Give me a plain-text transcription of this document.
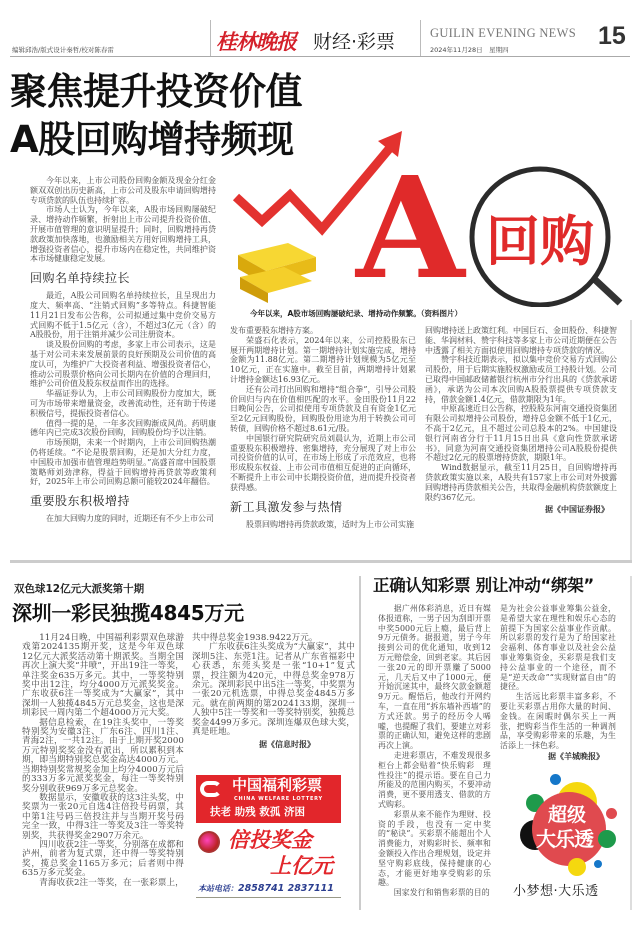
编辑邱浩/版式设计秦哲/校对陈春雷	桂林晚报 财经·彩票	GUILIN EVENING NEWS
2024年11月28日　星期四	15
聚焦提升投资价值
A股回购增持频现
A 回购
今年以来，A股市场回购屡破纪录、增持动作频繁。（资料图片）

今年以来，上市公司股份回购金额及现金分红金额双双创出历史新高，上市公司及股东申请回购增持专项贷款的队伍也持续扩容。

市场人士认为，今年以来，A股市场回购屡破纪录、增持动作频繁，折射出上市公司提升投资价值、开展市值管理的意识明显提升；同时，回购增持再贷款政策加快落地，也激励相关方用好回购增持工具，增强投资者信心，提升市场内在稳定性，共同维护资本市场健康稳定发展。

回购名单持续拉长

最近，A股公司回购名单持续拉长，且呈现出力度大、频率高、“注销式回购”多等特点。科捷智能11月21日发布公告称，公司拟通过集中竞价交易方式回购不低于1.5亿元（含），不超过3亿元（含）的A股股份，用于注销并减少公司注册资本。

谈及股份回购的考虑，多家上市公司表示，这是基于对公司未来发展前景的良好预期及公司价值的高度认可，为维护广大投资者利益、增强投资者信心，推动公司股票价格向公司长期内在价值的合理回归，维护公司价值及股东权益而作出的选择。

华福证券认为，上市公司回购股份力度加大，既可为市场带来增量资金，改善流动性，还有助于传递积极信号，提振投资者信心。

值得一提的是，一年多次回购渐成风尚。药明康德年内已完成3次股份回购，回购股份均予以注销。

市场预期，未来一个时期内，上市公司回购热潮仍将延续。“不论是股票回购，还是加大分红力度，中国股市加强市值管理趋势明显。”高盛首席中国股票策略师刘劲津称，得益于回购增持再贷款等政策利好，2025年上市公司回购总额可能较2024年翻倍。

重要股东积极增持

在加大回购力度的同时，近期还有不少上市公司

发布重要股东增持方案。

荣盛石化表示，2024年以来，公司控股股东已展开两期增持计划。第一期增持计划实施完成，增持金额为11.88亿元。第二期增持计划规模为5亿元至10亿元，正在实施中。截至目前，两期增持计划累计增持金额达16.93亿元。

还有公司打出回购和增持“组合拳”，引导公司股价回归与内在价值相匹配的水平。金田股份11月22日晚间公告，公司拟使用专项贷款及自有资金1亿元至2亿元回购股份，回购股份用途为用于转换公司可转债，回购价格不超过8.61元/股。

中国银行研究院研究员刘晨认为，近期上市公司重要股东积极增持、密集增持，充分展现了对上市公司投资价值的认可，在市场上形成了示范效应，也将形成股东权益、上市公司市值相互促进的正向循环，不断提升上市公司中长期投资价值，进而提升投资者获得感。

新工具激发参与热情

股票回购增持再贷款政策，适时为上市公司实施

回购增持送上政策红利。中国巨石、金田股份、科捷智能、华润材料、赞宇科技等多家上市公司近期便在公告中透露了相关方面拟使用回购增持专项贷款的情况。

赞宇科技近期表示，拟以集中竞价交易方式回购公司股份，用于后期实施股权激励或员工持股计划。公司已取得中国邮政储蓄银行杭州市分行出具的《贷款承诺函》，承诺为公司本次回购A股股票提供专项贷款支持，借款金额1.4亿元，借款期限为1年。

中原高速近日公告称，控股股东河南交通投资集团有限公司拟增持公司股份，增持总金额不低于1亿元，不高于2亿元，且不超过公司总股本的2%。中国建设银行河南省分行于11月15日出具《意向性贷款承诺书》，同意为河南交通投资集团增持公司A股股份提供不超过2亿元的股票增持贷款，期限1年。

Wind数据显示，截至11月25日，自回购增持再贷款政策实施以来，A股共有157家上市公司对外披露回购增持再贷款相关公告，共取得金融机构贷款额度上限约367亿元。

据《中国证券报》
双色球12亿元大派奖第十期
深圳一彩民独揽4845万元

11月24日晚，中国福利彩票双色球游戏第2024135期开奖，这是今年双色球12亿元大派奖活动第十期派奖。当期全国再次上演大奖“井喷”，开出19注一等奖，单注奖金635万多元。其中，一等奖特别奖中出12注，均分4000万元派奖奖金。广东收获6注一等奖成为“大赢家”，其中深圳一人独揽4845万元总奖金，这也是深圳彩民一周内第二个超4000万元大奖。

据信息检索，在19注头奖中，一等奖特别奖为安徽3注、广东6注、四川1注、青海2注，一共12注。由于上期开奖2000万元特别奖奖金没有派出，所以累积到本期，即当期特别奖总奖金高达4000万元。当期特别奖常规奖金加上均分4000万元后的333万多元派奖奖金，每注一等奖特别奖分别收获969万多元总奖金。

数据显示，安徽收获的这3注头奖，中奖票为一张20元自选4注倍投号码票，其中第1注号码三倍投注并与当期开奖号码完全一致，中得3注一等奖及3注一等奖特别奖，共获得奖金2907万余元。

四川收获2注一等奖，分别落在成都和泸州，前者为复式票，还中得一等奖特别奖，揽总奖金1165万多元；后者则中得635万多元奖金。

青海收获2注一等奖，在一张彩票上，

共中得总奖金1938.9422万元。

广东收获6注头奖成为“大赢家”，其中深圳5注、东莞1注。记者从广东省福彩中心获悉，东莞头奖是一张“10+1”复式票，投注额为420元，中得总奖金978万余元。深圳彩民中出5注一等奖，中奖票为一张20元机选票，中得总奖金4845万多元。就在前两期的第2024133期，深圳一人独中5注一等奖和一等奖特别奖，独揽总奖金4499万多元。深圳连爆双色球大奖，真是旺地。

据《信息时报》
中国福利彩票
CHINA WELFARE LOTTERY
扶老 助残 救孤 济困
倍投奖金
上亿元
本站电话：2858741 2837111
正确认知彩票 别让冲动“绑架”

据广州体彩消息，近日有媒体报道称，一男子因为刮即开票中奖5000元后上瘾，最后背上9万元债务。据报道，男子今年接到公司的优化通知，收到12万元赔偿金，回到老家。其后因一张20元的即开票赚了5000元，几天后又中了1000元，便开始沉迷其中，最终欠款金额超9万元。醒悟后，他改行开网约车，一直在用“拆东墙补西墙”的方式还款。男子的经历令人唏嘘，也提醒了我们，要建立对彩票的正确认知，避免这样的悲剧再次上演。

走进彩票店，不难发现很多柜台上都会贴着“快乐购彩　理性投注”的提示语。要在自己力所能及的范围内购买，不要冲动消费，更不要用透支、借款的方式购彩。

彩票从来不能作为理财、投资的手段，也没有一定中奖的“秘诀”。买彩票不能超出个人消费能力，对购彩时长、频率和金额投入作出合理规划，设定并坚守购彩底线，保持健康的心态，才能更好地享受购彩的乐趣。

国家发行和销售彩票的目的

是为社会公益事业筹集公益金，是希望大家在理性和娱乐心态的前提下为国家公益事业作贡献。所以彩票的发行是为了给国家社会福利、体育事业以及社会公益事业筹集资金，买彩票是我们支持公益事业的一个途径，而不是“逆天改命”“实现财富自由”的捷径。

生活远比彩票丰富多彩，不要让买彩票占用你大量的时间、金钱。在闲暇时偶尔买上一两张，把购彩当作生活的一种调剂品，享受购彩带来的乐趣，为生活添上一抹色彩。

据《羊城晚报》
超级
大乐透
小梦想·大乐透
